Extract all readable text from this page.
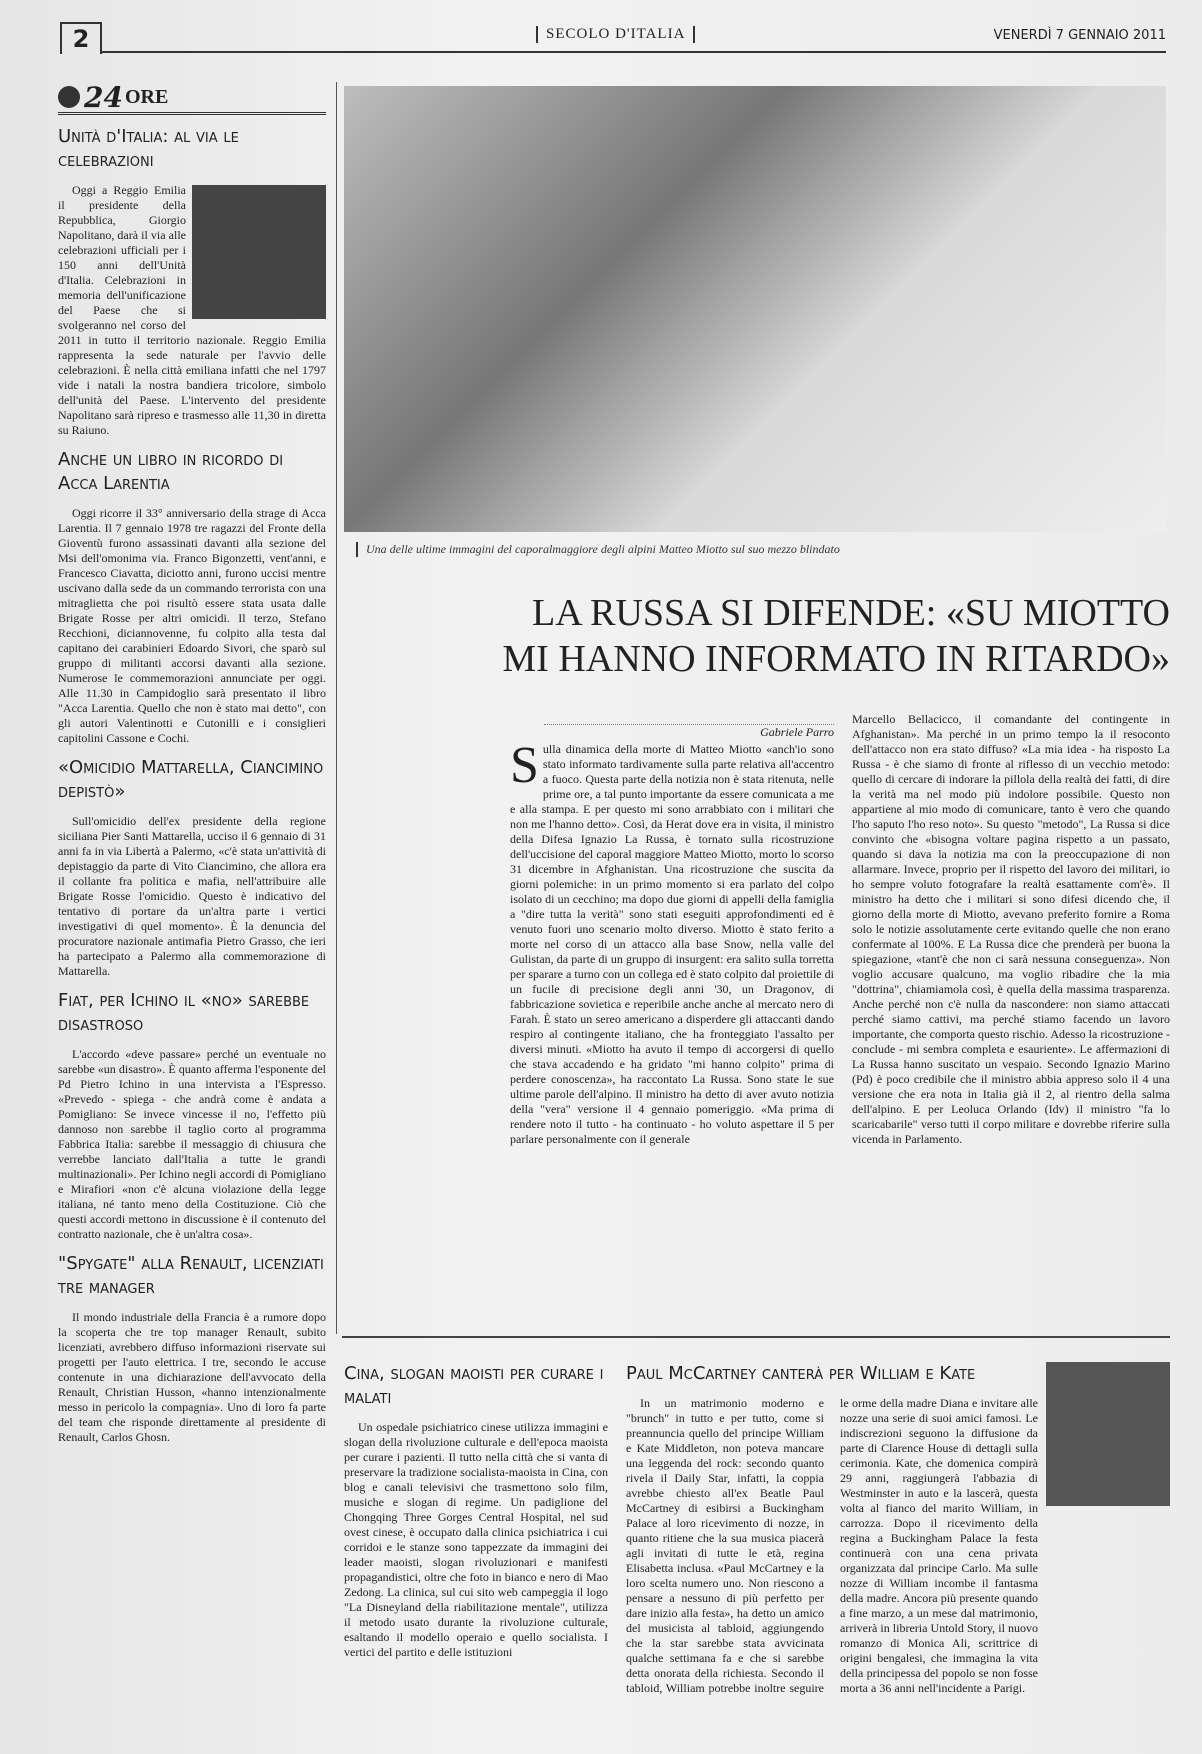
2	SECOLO D'ITALIA	VENERDÌ 7 GENNAIO 2011
24 ORE
Unità d'Italia: al via le celebrazioni

Oggi a Reggio Emilia il presidente della Repubblica, Giorgio Napolitano, darà il via alle celebrazioni ufficiali per i 150 anni dell'Unità d'Italia. Celebrazioni in memoria dell'unificazione del Paese che si svolgeranno nel corso del 2011 in tutto il territorio nazionale. Reggio Emilia rappresenta la sede naturale per l'avvio delle celebrazioni. È nella città emiliana infatti che nel 1797 vide i natali la nostra bandiera tricolore, simbolo dell'unità del Paese. L'intervento del presidente Napolitano sarà ripreso e trasmesso alle 11,30 in diretta su Raiuno.

Anche un libro in ricordo di Acca Larentia

Oggi ricorre il 33° anniversario della strage di Acca Larentia. Il 7 gennaio 1978 tre ragazzi del Fronte della Gioventù furono assassinati davanti alla sezione del Msi dell'omonima via. Franco Bigonzetti, vent'anni, e Francesco Ciavatta, diciotto anni, furono uccisi mentre uscivano dalla sede da un commando terrorista con una mitraglietta che poi risultò essere stata usata dalle Brigate Rosse per altri omicidi. Il terzo, Stefano Recchioni, diciannovenne, fu colpito alla testa dal capitano dei carabinieri Edoardo Sivori, che sparò sul gruppo di militanti accorsi davanti alla sezione. Numerose le commemorazioni annunciate per oggi. Alle 11.30 in Campidoglio sarà presentato il libro "Acca Larentia. Quello che non è stato mai detto", con gli autori Valentinotti e Cutonilli e i consiglieri capitolini Cassone e Cochi.

«Omicidio Mattarella, Ciancimino depistò»

Sull'omicidio dell'ex presidente della regione siciliana Pier Santi Mattarella, ucciso il 6 gennaio di 31 anni fa in via Libertà a Palermo, «c'è stata un'attività di depistaggio da parte di Vito Ciancimino, che allora era il collante fra politica e mafia, nell'attribuire alle Brigate Rosse l'omicidio. Questo è indicativo del tentativo di portare da un'altra parte i vertici investigativi di quel momento». È la denuncia del procuratore nazionale antimafia Pietro Grasso, che ieri ha partecipato a Palermo alla commemorazione di Mattarella.

Fiat, per Ichino il «no» sarebbe disastroso

L'accordo «deve passare» perché un eventuale no sarebbe «un disastro». È quanto afferma l'esponente del Pd Pietro Ichino in una intervista a l'Espresso. «Prevedo - spiega - che andrà come è andata a Pomigliano: Se invece vincesse il no, l'effetto più dannoso non sarebbe il taglio corto al programma Fabbrica Italia: sarebbe il messaggio di chiusura che verrebbe lanciato dall'Italia a tutte le grandi multinazionali». Per Ichino negli accordi di Pomigliano e Mirafiori «non c'è alcuna violazione della legge italiana, né tanto meno della Costituzione. Ciò che questi accordi mettono in discussione è il contenuto del contratto nazionale, che è un'altra cosa».

"Spygate" alla Renault, licenziati tre manager

Il mondo industriale della Francia è a rumore dopo la scoperta che tre top manager Renault, subito licenziati, avrebbero diffuso informazioni riservate sui progetti per l'auto elettrica. I tre, secondo le accuse contenute in una dichiarazione dell'avvocato della Renault, Christian Husson, «hanno intenzionalmente messo in pericolo la compagnia». Uno di loro fa parte del team che risponde direttamente al presidente di Renault, Carlos Ghosn.

Una delle ultime immagini del caporalmaggiore degli alpini Matteo Miotto sul suo mezzo blindato
LA RUSSA SI DIFENDE: «SU MIOTTO
MI HANNO INFORMATO IN RITARDO»
Gabriele Parro
S ulla dinamica della morte di Matteo Miotto «anch'io sono stato informato tardivamente sulla parte relativa all'accentro a fuoco. Questa parte della notizia non è stata ritenuta, nelle prime ore, a tal punto importante da essere comunicata a me e alla stampa. E per questo mi sono arrabbiato con i militari che non me l'hanno detto». Così, da Herat dove era in visita, il ministro della Difesa Ignazio La Russa, è tornato sulla ricostruzione dell'uccisione del caporal maggiore Matteo Miotto, morto lo scorso 31 dicembre in Afghanistan. Una ricostruzione che suscita da giorni polemiche: in un primo momento si era parlato del colpo isolato di un cecchino; ma dopo due giorni di appelli della famiglia a "dire tutta la verità" sono stati eseguiti approfondimenti ed è venuto fuori uno scenario molto diverso. Miotto è stato ferito a morte nel corso di un attacco alla base Snow, nella valle del Gulistan, da parte di un gruppo di insurgent: era salito sulla torretta per sparare a turno con un collega ed è stato colpito dal proiettile di un fucile di precisione degli anni '30, un Dragonov, di fabbricazione sovietica e reperibile anche anche al mercato nero di Farah. È stato un sereo americano a disperdere gli attaccanti dando respiro al contingente italiano, che ha fronteggiato l'assalto per diversi minuti. «Miotto ha avuto il tempo di accorgersi di quello che stava accadendo e ha gridato "mi hanno colpito" prima di perdere conoscenza», ha raccontato La Russa. Sono state le sue ultime parole dell'alpino. Il ministro ha detto di aver avuto notizia della "vera" versione il 4 gennaio pomeriggio. «Ma prima di rendere noto il tutto - ha continuato - ho voluto aspettare il 5 per parlare personalmente con il generale

Marcello Bellacicco, il comandante del contingente in Afghanistan». Ma perché in un primo tempo la il resoconto dell'attacco non era stato diffuso? «La mia idea - ha risposto La Russa - è che siamo di fronte al riflesso di un vecchio metodo: quello di cercare di indorare la pillola della realtà dei fatti, di dire la verità ma nel modo più indolore possibile. Questo non appartiene al mio modo di comunicare, tanto è vero che quando l'ho saputo l'ho reso noto». Su questo "metodo", La Russa si dice convinto che «bisogna voltare pagina rispetto a un passato, quando si dava la notizia ma con la preoccupazione di non allarmare. Invece, proprio per il rispetto del lavoro dei militari, io ho sempre voluto fotografare la realtà esattamente com'è». Il ministro ha detto che i militari si sono difesi dicendo che, il giorno della morte di Miotto, avevano preferito fornire a Roma solo le notizie assolutamente certe evitando quelle che non erano confermate al 100%. E La Russa dice che prenderà per buona la spiegazione, «tant'è che non ci sarà nessuna conseguenza». Non voglio accusare qualcuno, ma voglio ribadire che la mia "dottrina", chiamiamola così, è quella della massima trasparenza. Anche perché non c'è nulla da nascondere: non siamo attaccati perché siamo cattivi, ma perché stiamo facendo un lavoro importante, che comporta questo rischio. Adesso la ricostruzione - conclude - mi sembra completa e esauriente». Le affermazioni di La Russa hanno suscitato un vespaio. Secondo Ignazio Marino (Pd) è poco credibile che il ministro abbia appreso solo il 4 una versione che era nota in Italia già il 2, al rientro della salma dell'alpino. E per Leoluca Orlando (Idv) il ministro "fa lo scaricabarile" verso tutti il corpo militare e dovrebbe riferire sulla vicenda in Parlamento.

Cina, slogan maoisti per curare i malati

Un ospedale psichiatrico cinese utilizza immagini e slogan della rivoluzione culturale e dell'epoca maoista per curare i pazienti. Il tutto nella città che si vanta di preservare la tradizione socialista-maoista in Cina, con blog e canali televisivi che trasmettono solo film, musiche e slogan di regime. Un padiglione del Chongqing Three Gorges Central Hospital, nel sud ovest cinese, è occupato dalla clinica psichiatrica i cui corridoi e le stanze sono tappezzate da immagini dei leader maoisti, slogan rivoluzionari e manifesti propagandistici, oltre che foto in bianco e nero di Mao Zedong. La clinica, sul cui sito web campeggia il logo "La Disneyland della riabilitazione mentale", utilizza il metodo usato durante la rivoluzione culturale, esaltando il modello operaio e quello socialista. I vertici del partito e delle istituzioni

Paul McCartney canterà per William e Kate

In un matrimonio moderno e "brunch" in tutto e per tutto, come si preannuncia quello del principe William e Kate Middleton, non poteva mancare una leggenda del rock: secondo quanto rivela il Daily Star, infatti, la coppia avrebbe chiesto all'ex Beatle Paul McCartney di esibirsi a Buckingham Palace al loro ricevimento di nozze, in quanto ritiene che la sua musica piacerà agli invitati di tutte le età, regina Elisabetta inclusa. «Paul McCartney e la loro scelta numero uno. Non riescono a pensare a nessuno di più perfetto per dare inizio alla festa», ha detto un amico del musicista al tabloid, aggiungendo che la star sarebbe stata avvicinata qualche settimana fa e che si sarebbe detta onorata della richiesta. Secondo il tabloid, William potrebbe inoltre seguire le orme della madre Diana e invitare alle nozze una serie di suoi amici famosi. Le indiscrezioni seguono la diffusione da parte di Clarence House di dettagli sulla cerimonia. Kate, che domenica compirà 29 anni, raggiungerà l'abbazia di Westminster in auto e la lascerà, questa volta al fianco del marito William, in carrozza. Dopo il ricevimento della regina a Buckingham Palace la festa continuerà con una cena privata organizzata dal principe Carlo. Ma sulle nozze di William incombe il fantasma della madre. Ancora più presente quando a fine marzo, a un mese dal matrimonio, arriverà in libreria Untold Story, il nuovo romanzo di Monica Ali, scrittrice di origini bengalesi, che immagina la vita della principessa del popolo se non fosse morta a 36 anni nell'incidente a Parigi.
